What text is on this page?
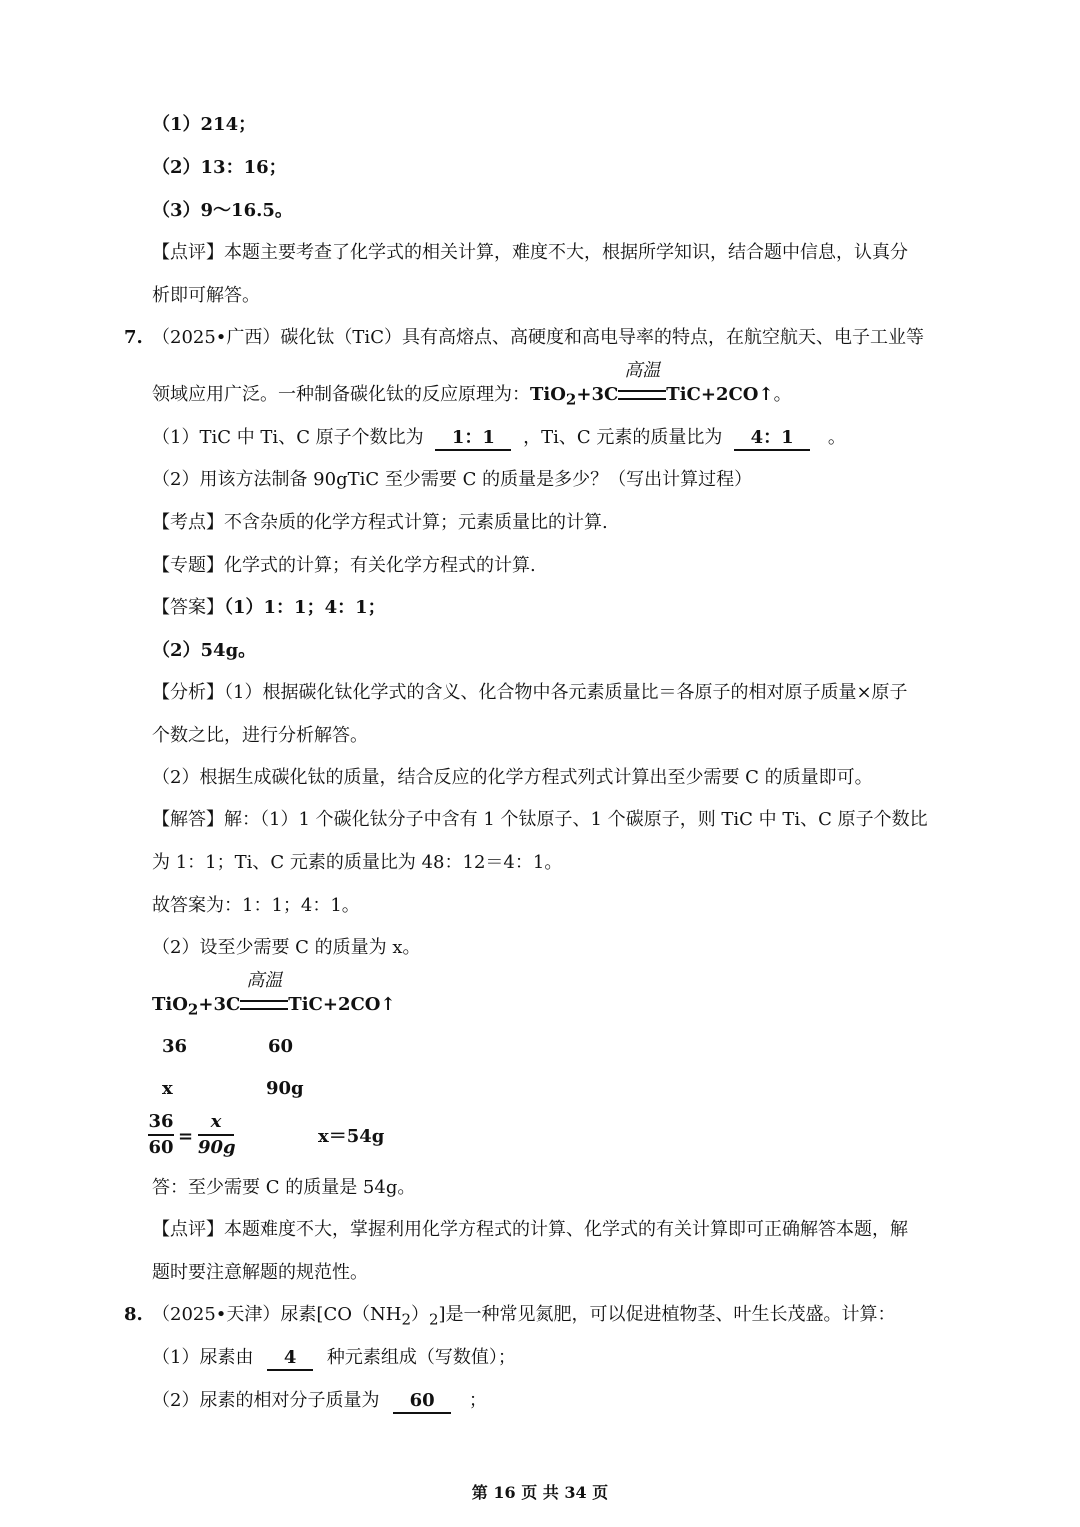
（1）214；
（2）13：16；
（3）9～16.5。
【点评】本题主要考查了化学式的相关计算，难度不大，根据所学知识，结合题中信息，认真分
析即可解答。
7. （2025•广西）碳化钛（TiC）具有高熔点、高硬度和高电导率的特点，在航空航天、电子工业等
领域应用广泛。一种制备碳化钛的反应原理为：TiO$_2$+3C
高温
TiC+2CO↑。
（1）TiC 中 Ti、C 原子个数比为 1：1 ，Ti、C 元素的质量比为 4：1 。
（2）用该方法制备 90gTiC 至少需要 C 的质量是多少？（写出计算过程）
【考点】不含杂质的化学方程式计算；元素质量比的计算.
【专题】化学式的计算；有关化学方程式的计算.
【答案】（1）1：1；4：1；
（2）54g。
【分析】（1）根据碳化钛化学式的含义、化合物中各元素质量比＝各原子的相对原子质量×原子
个数之比，进行分析解答。
（2）根据生成碳化钛的质量，结合反应的化学方程式列式计算出至少需要 C 的质量即可。
【解答】解：（1）1 个碳化钛分子中含有 1 个钛原子、1 个碳原子，则 TiC 中 Ti、C 原子个数比
为 1：1；Ti、C 元素的质量比为 48：12＝4：1。
故答案为：1：1；4：1。
（2）设至少需要 C 的质量为 x。
TiO$_2$+3C
高温
TiC+2CO↑
36	60
x	90g
36
60
=
x
90g
x＝54g
答：至少需要 C 的质量是 54g。
【点评】本题难度不大，掌握利用化学方程式的计算、化学式的有关计算即可正确解答本题，解
题时要注意解题的规范性。
8. （2025•天津）尿素$[CO(NH_2)_2]$是一种常见氮肥，可以促进植物茎、叶生长茂盛。计算：
（1）尿素由 4 种元素组成（写数值）；
（2）尿素的相对分子质量为 60 ；
第 16 页 共 34 页
